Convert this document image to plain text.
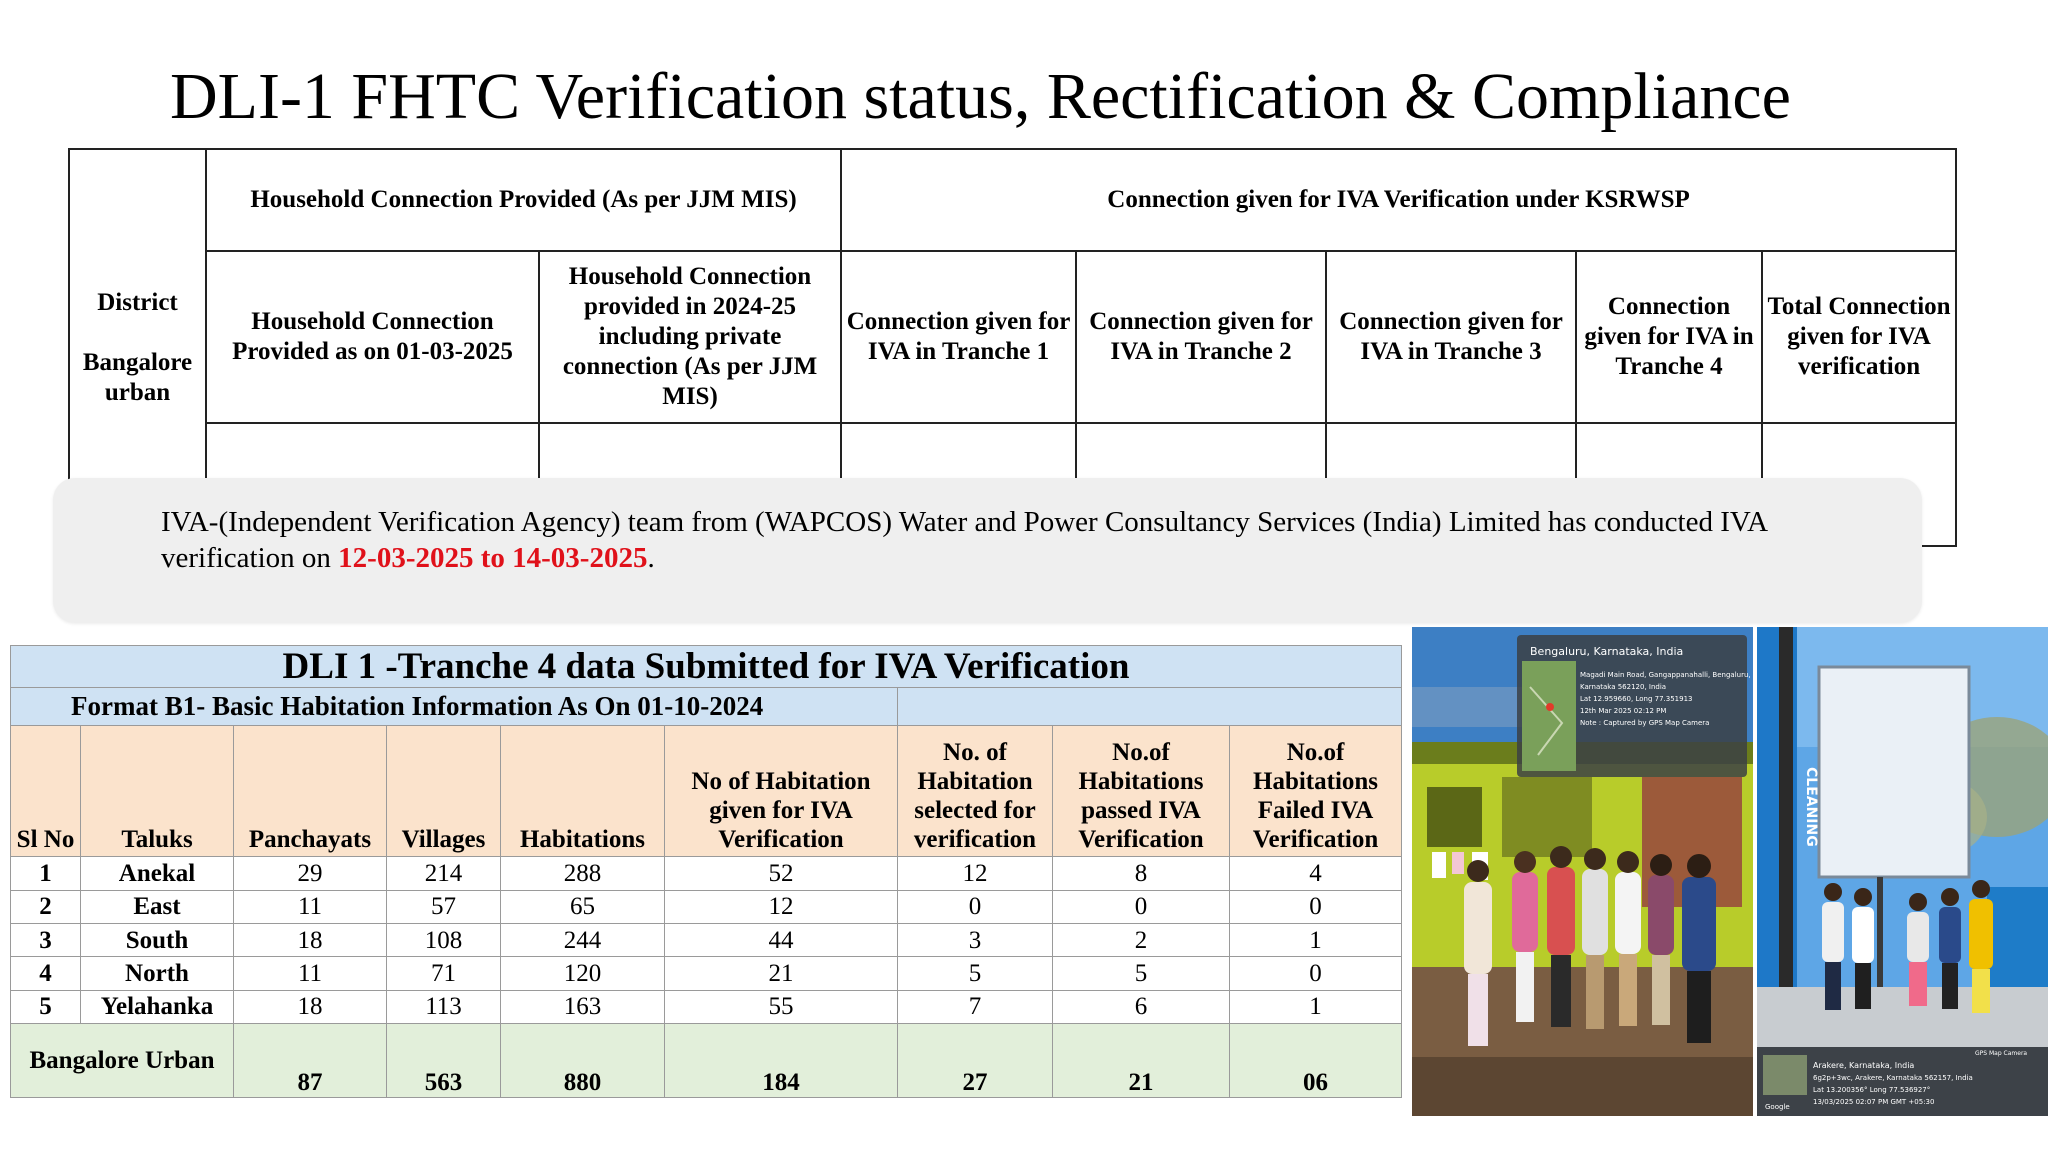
DLI-1 FHTC Verification status, Rectification & Compliance
District
Bangalore urban	Household Connection Provided (As per JJM MIS)		Connection given for IVA Verification under KSRWSP				
	Household Connection Provided as on 01-03-2025	Household Connection provided in 2024-25 including private connection (As per JJM MIS)	Connection given for IVA in Tranche 1	Connection given for IVA in Tranche 2	Connection given for IVA in Tranche 3	Connection given for IVA in Tranche 4	Total Connection given for IVA verification

IVA-(Independent Verification Agency) team from (WAPCOS) Water and Power Consultancy Services (India) Limited has conducted IVA verification on 12-03-2025 to 14-03-2025.

DLI 1 -Tranche 4 data Submitted for IVA Verification								
Format B1- Basic Habitation Information As On 01-10-2024								
Sl No	Taluks	Panchayats	Villages	Habitations	No of Habitation given for IVA Verification	No. of Habitation selected for verification	No.of Habitations passed IVA Verification	No.of Habitations Failed IVA Verification
1	Anekal	29	214	288	52	12	8	4
2	East	11	57	65	12	0	0	0
3	South	18	108	244	44	3	2	1
4	North	11	71	120	21	5	5	0
5	Yelahanka	18	113	163	55	7	6	1
Bangalore Urban		87	563	880	184	27	21	06
Bengaluru, Karnataka, India
Magadi Main Road, Gangappanahalli, Bengaluru,
Karnataka 562120, India
Lat 12.959660, Long 77.351913
12th Mar 2025 02:12 PM
Note : Captured by GPS Map Camera
CLEANING
Google
GPS Map Camera
Arakere, Karnataka, India
6g2p+3wc, Arakere, Karnataka 562157, India
Lat 13.200356° Long 77.536927°
13/03/2025 02:07 PM GMT +05:30
